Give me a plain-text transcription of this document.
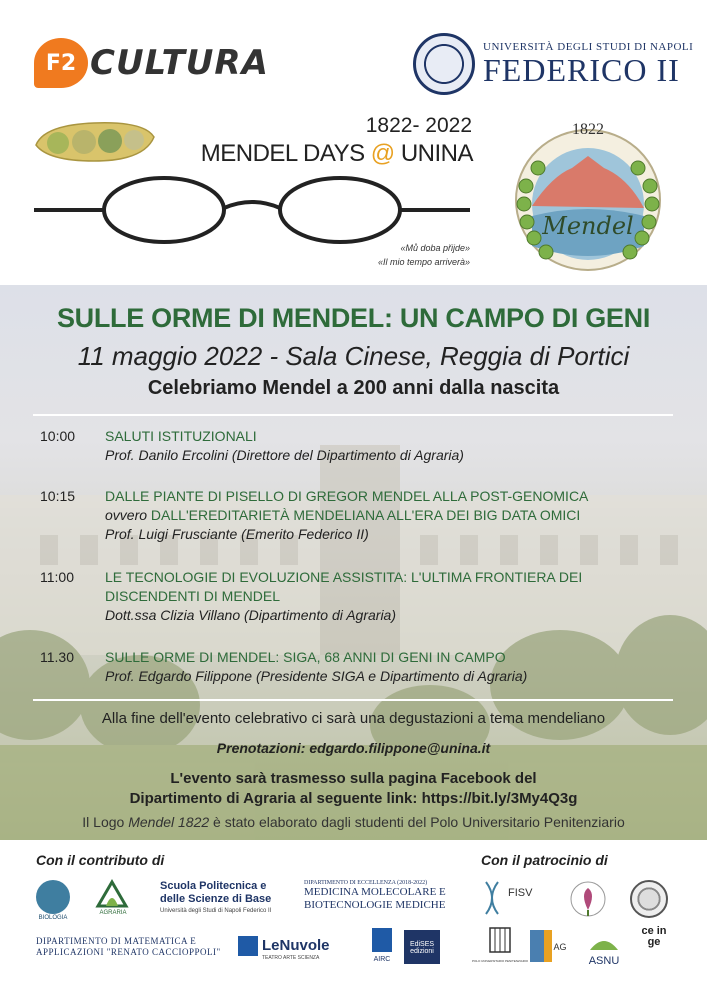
F2 CULTURA	UNIVERSITÀ DEGLI STUDI DI NAPOLI
FEDERICO II
1822- 2022
MENDEL DAYS @ UNINA
«Mů doba přijde»
«Il mio tempo arriverà»
1822
Mendel
SULLE ORME DI MENDEL: UN CAMPO DI GENI
11 maggio 2022 - Sala Cinese, Reggia di Portici
Celebriamo Mendel a 200 anni dalla nascita
10:00	SALUTI ISTITUZIONALI
Prof. Danilo Ercolini (Direttore del Dipartimento di Agraria)
10:15	DALLE PIANTE DI PISELLO DI GREGOR MENDEL ALLA POST-GENOMICA
ovvero DALL'EREDITARIETÀ MENDELIANA ALL'ERA DEI BIG DATA OMICI
Prof. Luigi Frusciante (Emerito Federico II)
11:00	LE TECNOLOGIE DI EVOLUZIONE ASSISTITA: L'ULTIMA FRONTIERA DEI DISCENDENTI DI MENDEL
Dott.ssa Clizia Villano (Dipartimento di Agraria)
11.30	SULLE ORME DI MENDEL: SIGA, 68 ANNI DI GENI IN CAMPO
Prof. Edgardo Filippone (Presidente SIGA e Dipartimento di Agraria)
Alla fine dell'evento celebrativo ci sarà una degustazioni a tema mendeliano
Prenotazioni: edgardo.filippone@unina.it
L'evento sarà trasmesso sulla pagina Facebook del
Dipartimento di Agraria al seguente link: https://bit.ly/3My4Q3g
Il Logo Mendel 1822 è stato elaborato dagli studenti del Polo Universitario Penitenziario
Con il contributo di	Con il patrocinio di
BIOLOGIA
AGRARIA
Scuola Politecnica e
delle Scienze di Base
Università degli Studi di Napoli Federico II
DIPARTIMENTO DI ECCELLENZA (2018-2022)
MEDICINA MOLECOLARE E
BIOTECNOLOGIE MEDICHE
FISV
DIPARTIMENTO DI MATEMATICA E
APPLICAZIONI "RENATO CACCIOPPOLI"	LeNuvole
TEATRO ARTE SCIENZA	AIRC
EdiSES edizioni
POLO UNIVERSITARIO PENITENZIARIO
AG
ASNU
ce in ge
